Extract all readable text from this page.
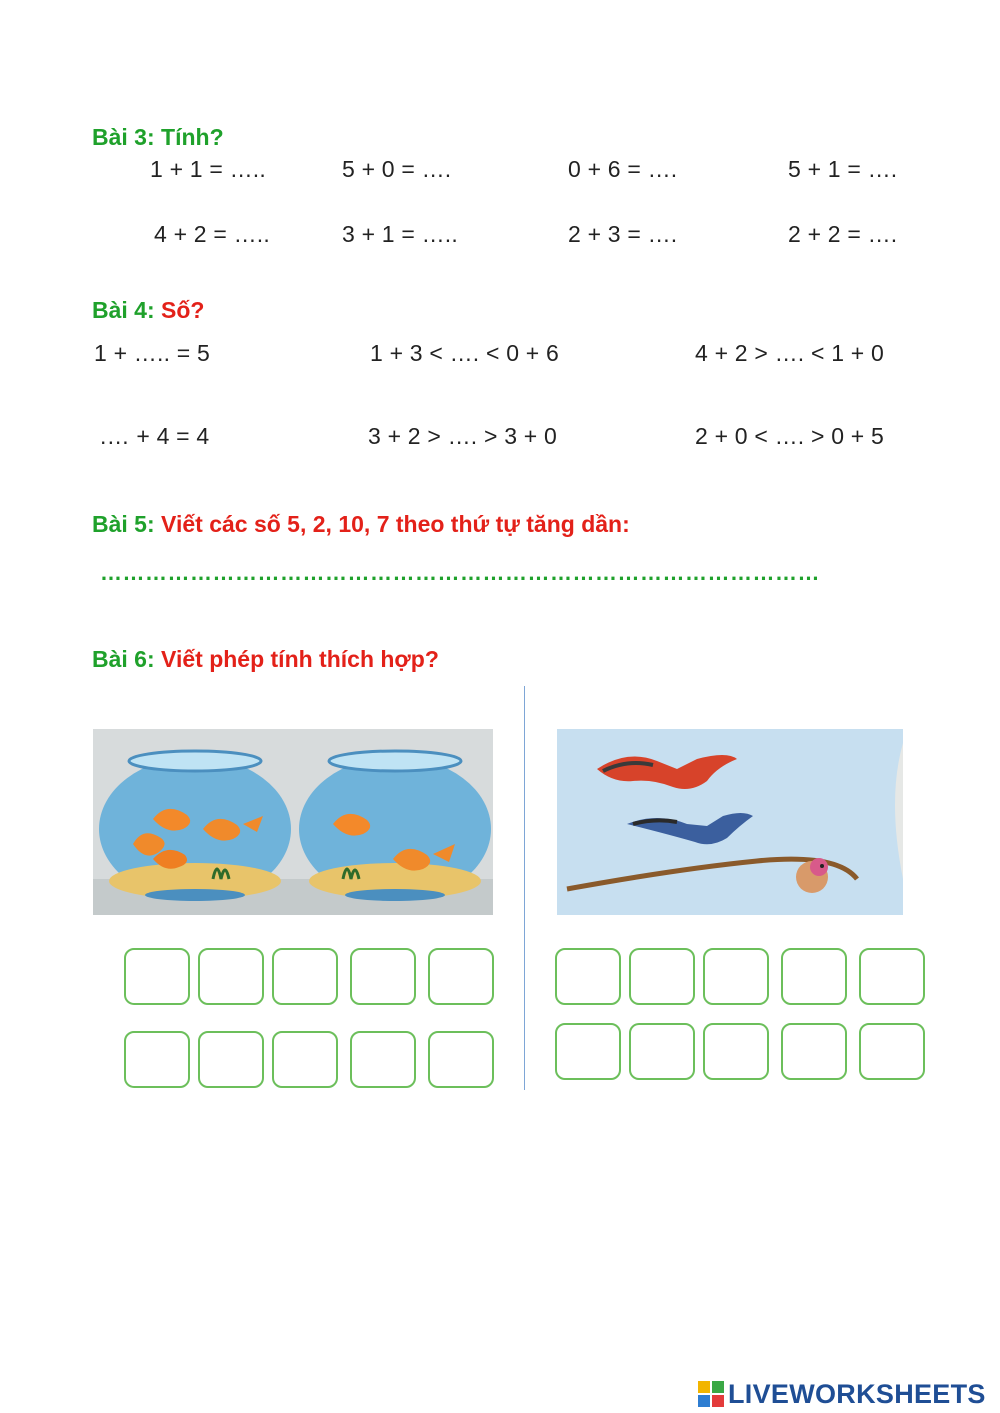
Bài 3: Tính?
1 + 1 = …..	5 + 0 = ….	0 + 6 = ….	5 + 1 = ….
4 + 2 = …..	3 + 1 = …..	2 + 3 = ….	2 + 2 = ….
Bài 4: Số?
1 + ….. = 5	1 + 3 < …. < 0 + 6	4 + 2 > …. < 1 + 0
.… + 4 = 4	3 + 2 > …. > 3 + 0	2 + 0 < …. > 0 + 5
Bài 5: Viết các số 5, 2, 10, 7 theo thứ tự tăng dần:
……………………………………………………………………………………
Bài 6: Viết phép tính thích hợp?
LIVEWORKSHEETS
